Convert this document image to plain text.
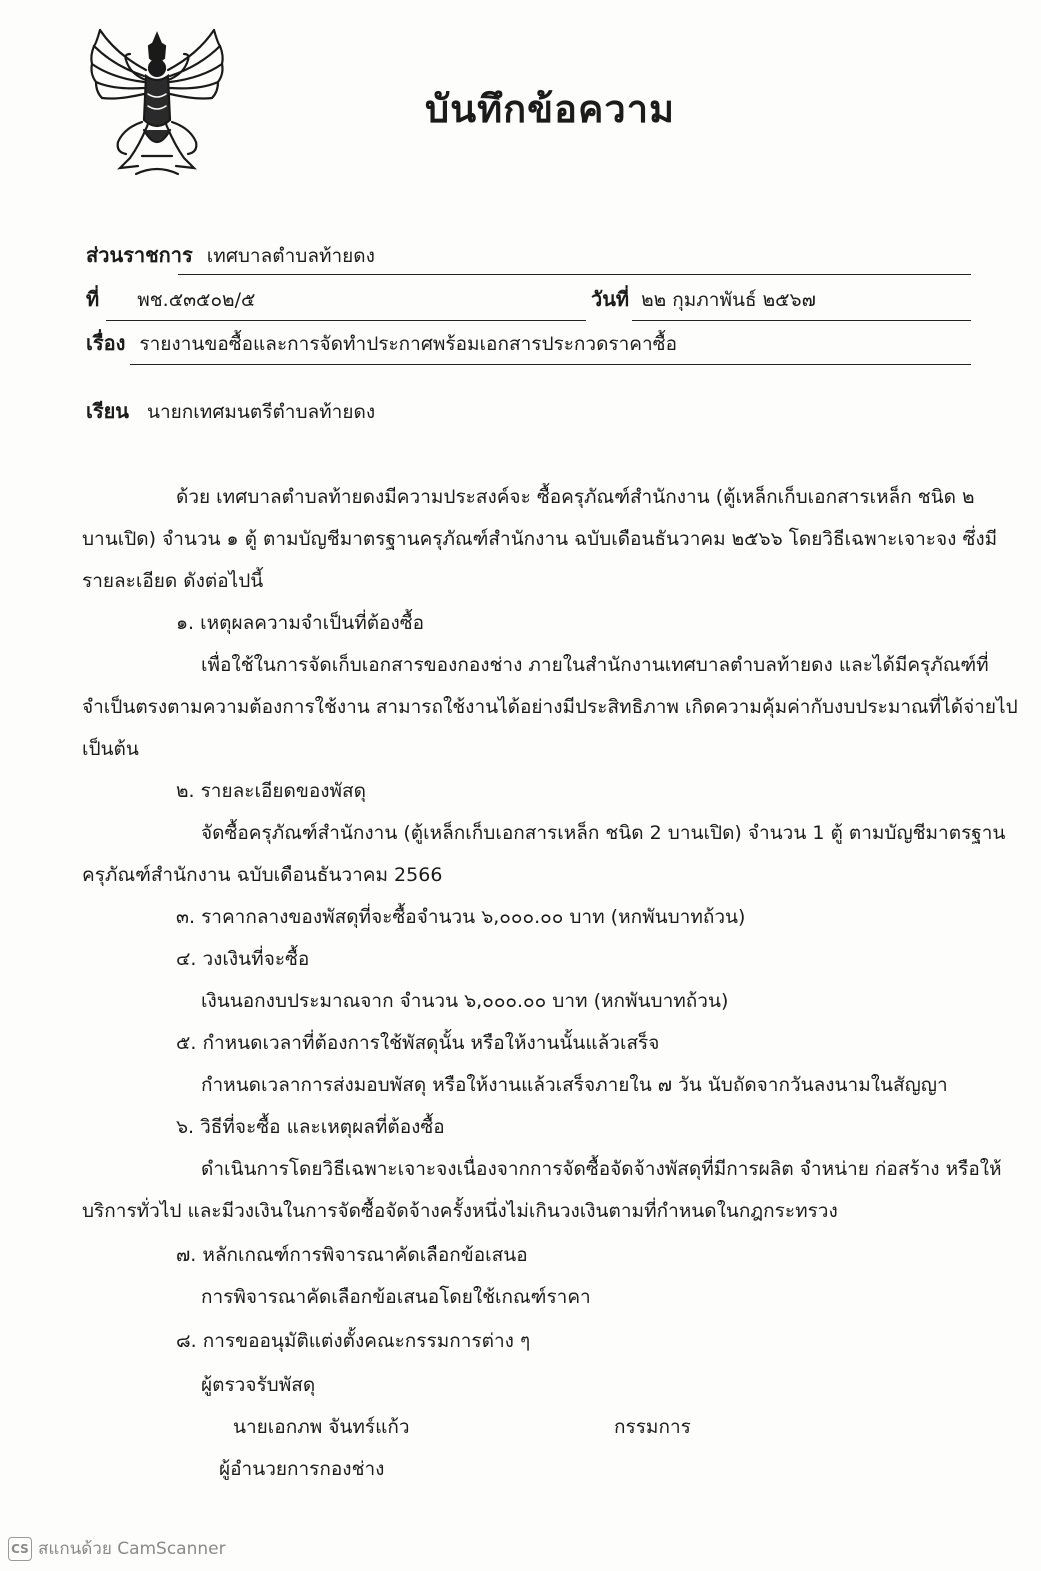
บันทึกข้อความ
ส่วนราชการ เทศบาลตำบลท้ายดง
ที่ พช.๕๓๕๐๒/๕	วันที่ ๒๒ กุมภาพันธ์ ๒๕๖๗
เรื่อง รายงานขอซื้อและการจัดทำประกาศพร้อมเอกสารประกวดราคาซื้อ
เรียน นายกเทศมนตรีตำบลท้ายดง
ด้วย เทศบาลตำบลท้ายดงมีความประสงค์จะ ซื้อครุภัณฑ์สำนักงาน (ตู้เหล็กเก็บเอกสารเหล็ก ชนิด ๒
บานเปิด) จำนวน ๑ ตู้ ตามบัญชีมาตรฐานครุภัณฑ์สำนักงาน ฉบับเดือนธันวาคม ๒๕๖๖ โดยวิธีเฉพาะเจาะจง ซึ่งมี
รายละเอียด ดังต่อไปนี้
๑. เหตุผลความจำเป็นที่ต้องซื้อ
เพื่อใช้ในการจัดเก็บเอกสารของกองช่าง ภายในสำนักงานเทศบาลตำบลท้ายดง และได้มีครุภัณฑ์ที่
จำเป็นตรงตามความต้องการใช้งาน สามารถใช้งานได้อย่างมีประสิทธิภาพ เกิดความคุ้มค่ากับงบประมาณที่ได้จ่ายไป
เป็นต้น
๒. รายละเอียดของพัสดุ
จัดซื้อครุภัณฑ์สำนักงาน (ตู้เหล็กเก็บเอกสารเหล็ก ชนิด 2 บานเปิด) จำนวน 1 ตู้ ตามบัญชีมาตรฐาน
ครุภัณฑ์สำนักงาน ฉบับเดือนธันวาคม 2566
๓. ราคากลางของพัสดุที่จะซื้อจำนวน ๖,๐๐๐.๐๐ บาท (หกพันบาทถ้วน)
๔. วงเงินที่จะซื้อ
เงินนอกงบประมาณจาก จำนวน ๖,๐๐๐.๐๐ บาท (หกพันบาทถ้วน)
๕. กำหนดเวลาที่ต้องการใช้พัสดุนั้น หรือให้งานนั้นแล้วเสร็จ
กำหนดเวลาการส่งมอบพัสดุ หรือให้งานแล้วเสร็จภายใน ๗ วัน นับถัดจากวันลงนามในสัญญา
๖. วิธีที่จะซื้อ และเหตุผลที่ต้องซื้อ
ดำเนินการโดยวิธีเฉพาะเจาะจงเนื่องจากการจัดซื้อจัดจ้างพัสดุที่มีการผลิต จำหน่าย ก่อสร้าง หรือให้
บริการทั่วไป และมีวงเงินในการจัดซื้อจัดจ้างครั้งหนึ่งไม่เกินวงเงินตามที่กำหนดในกฎกระทรวง
๗. หลักเกณฑ์การพิจารณาคัดเลือกข้อเสนอ
การพิจารณาคัดเลือกข้อเสนอโดยใช้เกณฑ์ราคา
๘. การขออนุมัติแต่งตั้งคณะกรรมการต่าง ๆ
ผู้ตรวจรับพัสดุ
นายเอกภพ จันทร์แก้ว	กรรมการ
ผู้อำนวยการกองช่าง
CS สแกนด้วย CamScanner
